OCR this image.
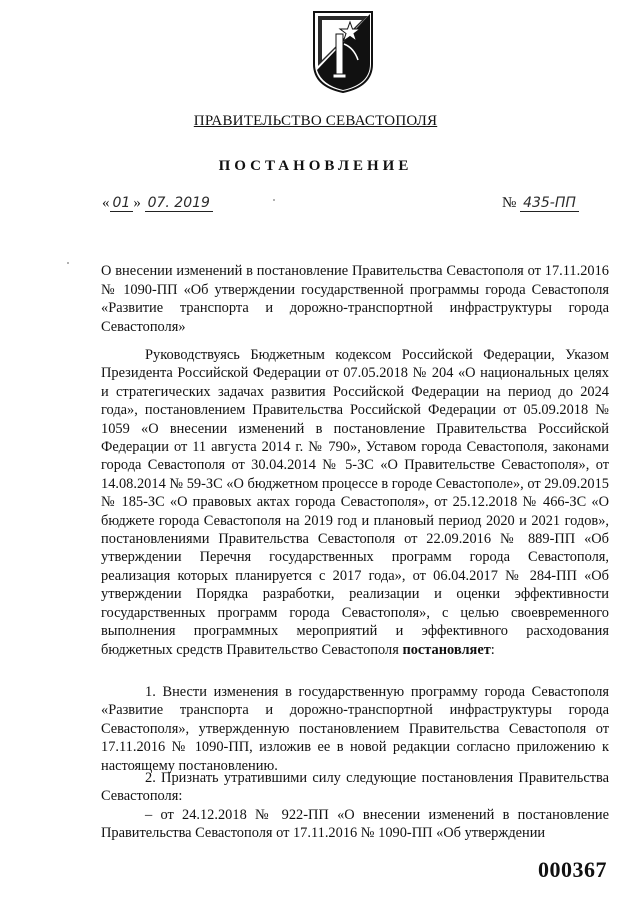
ПРАВИТЕЛЬСТВО СЕВАСТОПОЛЯ
ПОСТАНОВЛЕНИЕ
« 01 » 07. 2019	№ 435-ПП
О внесении изменений в постановление Правительства Севастополя от 17.11.2016 № 1090-ПП «Об утверждении государственной программы города Севастополя «Развитие транспорта и дорожно-транспортной инфраструктуры города Севастополя»

Руководствуясь Бюджетным кодексом Российской Федерации, Указом Президента Российской Федерации от 07.05.2018 № 204 «О национальных целях и стратегических задачах развития Российской Федерации на период до 2024 года», постановлением Правительства Российской Федерации от 05.09.2018 № 1059 «О внесении изменений в постановление Правительства Российской Федерации от 11 августа 2014 г. № 790», Уставом города Севастополя, законами города Севастополя от 30.04.2014 № 5-ЗС «О Правительстве Севастополя», от 14.08.2014 № 59-ЗС «О бюджетном процессе в городе Севастополе», от 29.09.2015 № 185-ЗС «О правовых актах города Севастополя», от 25.12.2018 № 466-ЗС «О бюджете города Севастополя на 2019 год и плановый период 2020 и 2021 годов», постановлениями Правительства Севастополя от 22.09.2016 № 889-ПП «Об утверждении Перечня государственных программ города Севастополя, реализация которых планируется с 2017 года», от 06.04.2017 № 284-ПП «Об утверждении Порядка разработки, реализации и оценки эффективности государственных программ города Севастополя», с целью своевременного выполнения программных мероприятий и эффективного расходования бюджетных средств Правительство Севастополя постановляет:

1. Внести изменения в государственную программу города Севастополя «Развитие транспорта и дорожно-транспортной инфраструктуры города Севастополя», утвержденную постановлением Правительства Севастополя от 17.11.2016 № 1090-ПП, изложив ее в новой редакции согласно приложению к настоящему постановлению.

2. Признать утратившими силу следующие постановления Правительства Севастополя:

– от 24.12.2018 № 922-ПП «О внесении изменений в постановление Правительства Севастополя от 17.11.2016 № 1090-ПП «Об утверждении

000367
